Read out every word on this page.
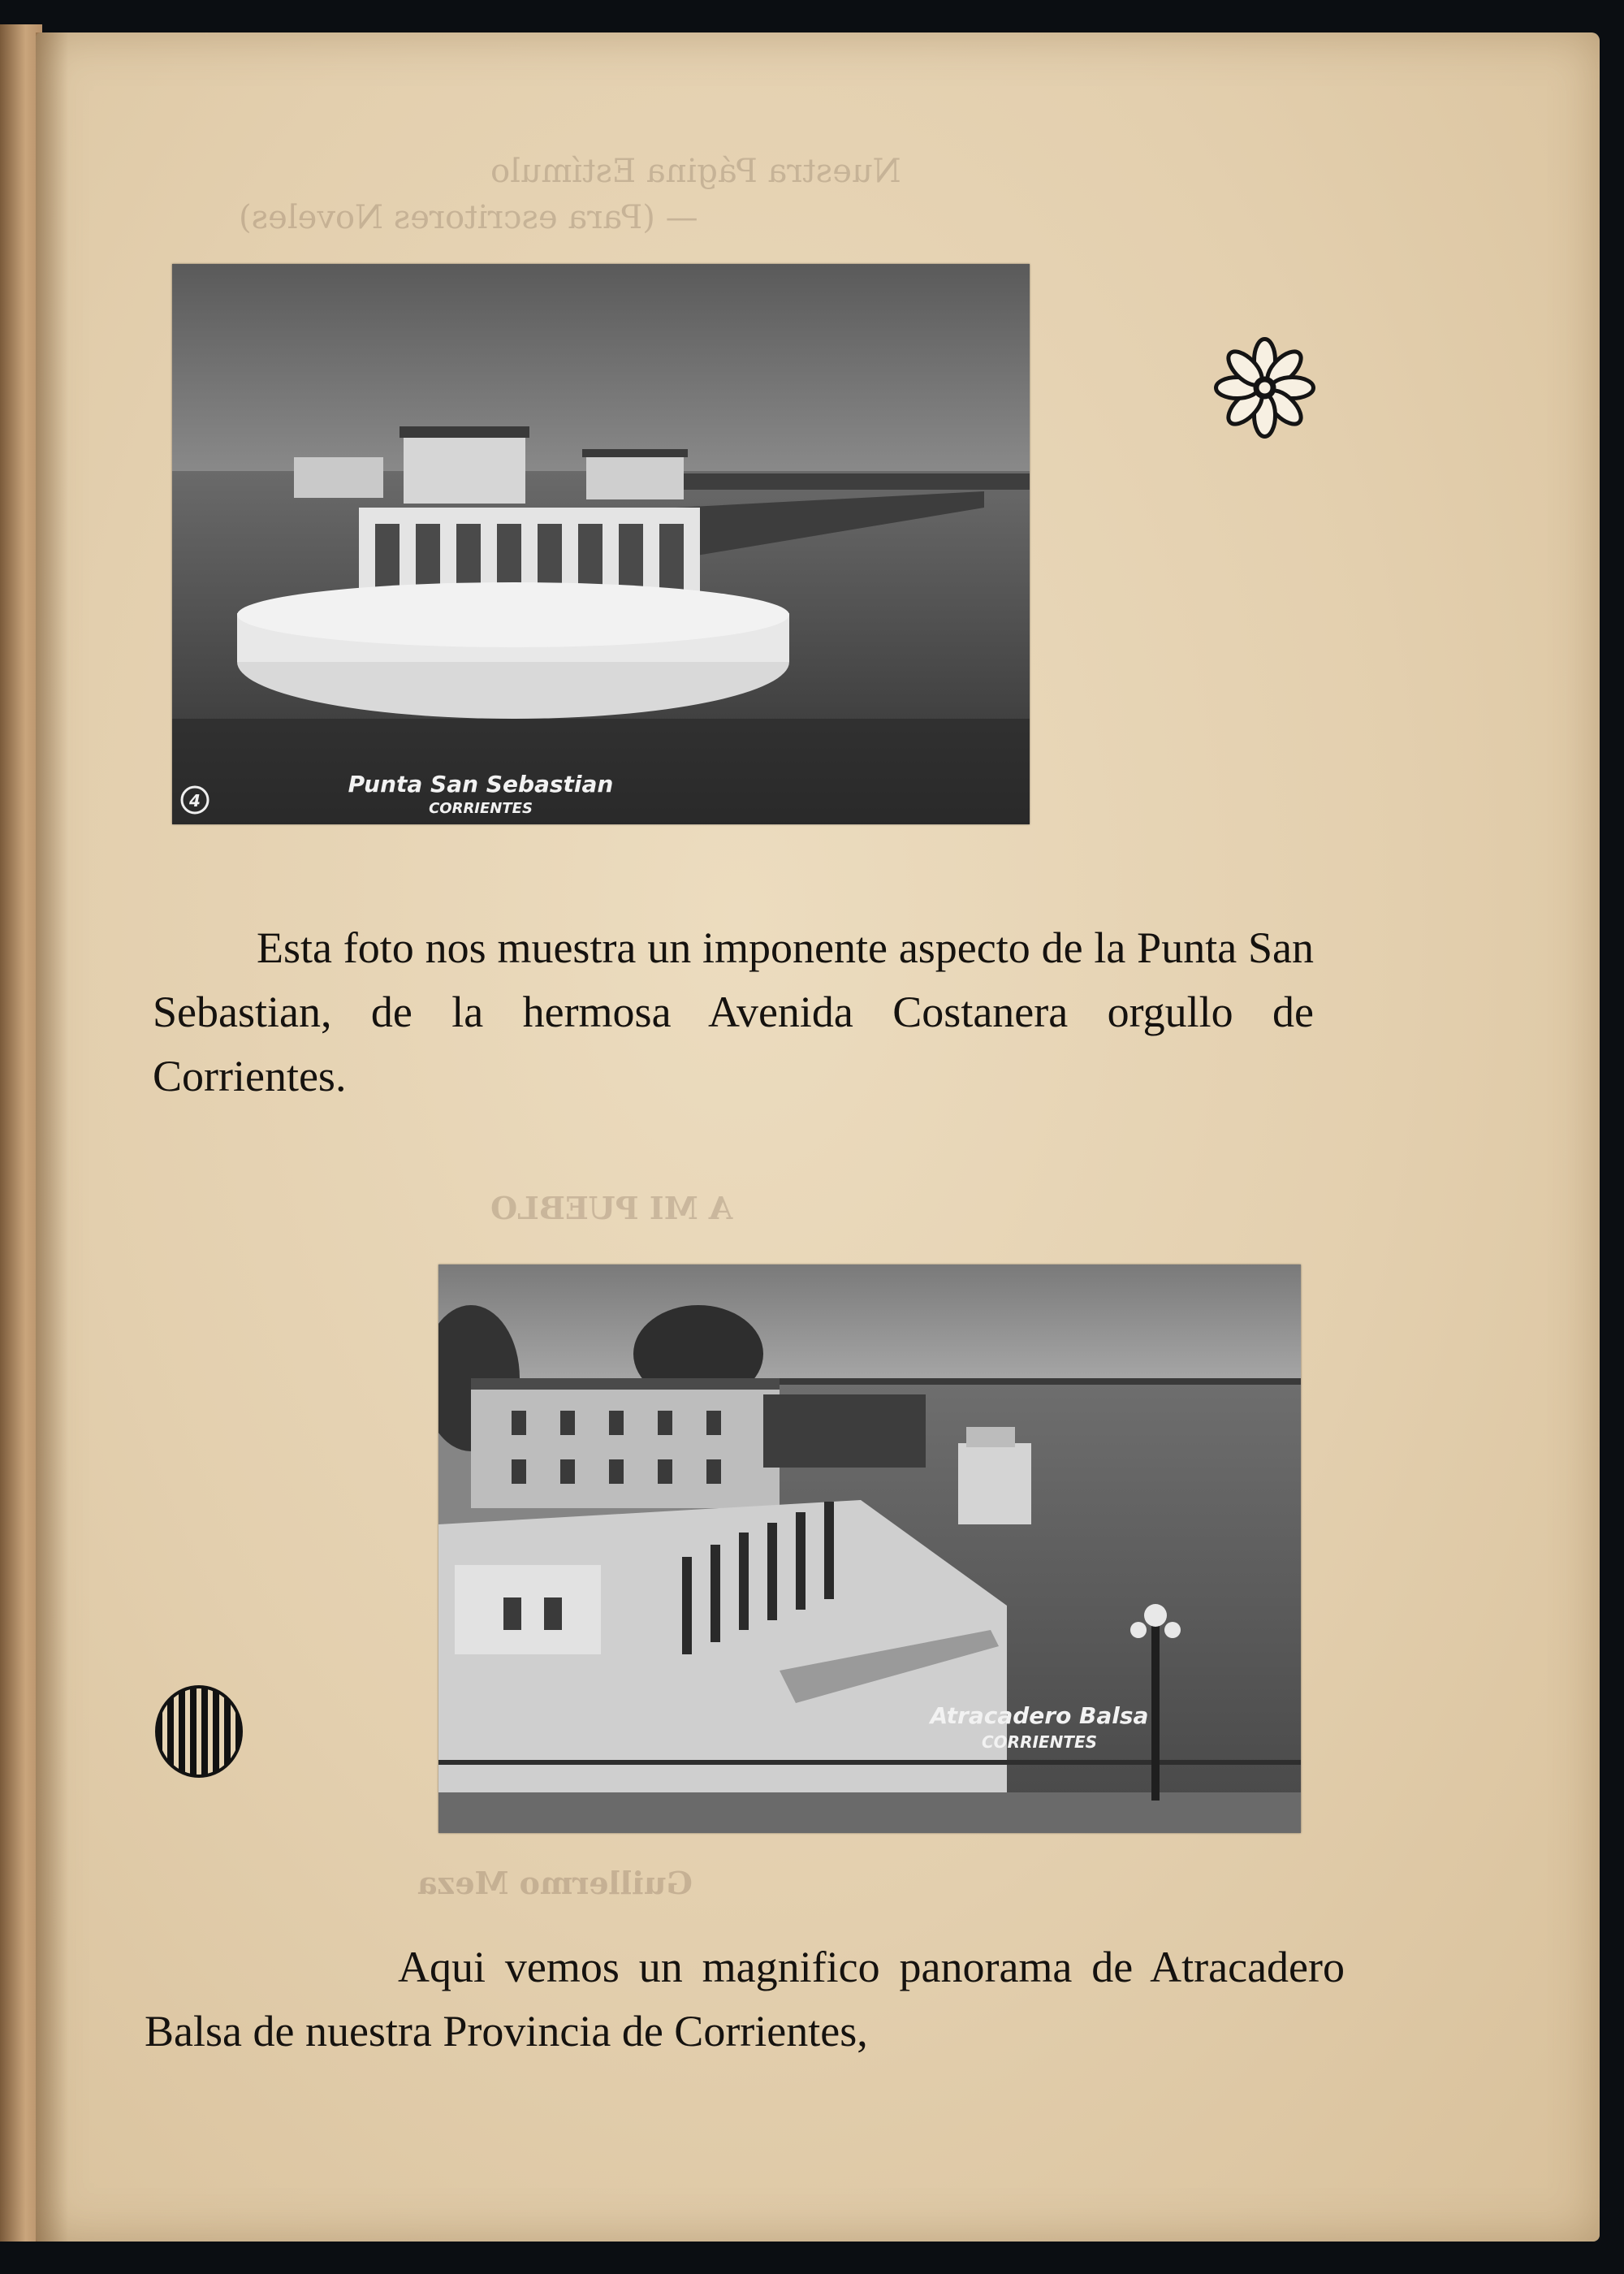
Nuestra Página Estímulo
— (Para escritores Noveles)
A MI PUEBLO
Guillermo Meza
4
Punta San Sebastian
CORRIENTES
Atracadero Balsa
CORRIENTES

Esta foto nos muestra un imponente aspecto de la Punta San Sebastian, de la hermosa Avenida Costanera orgullo de Corrientes.

Aqui vemos un magnifico panorama de Atracadero Balsa de nuestra Provincia de Corrientes,
